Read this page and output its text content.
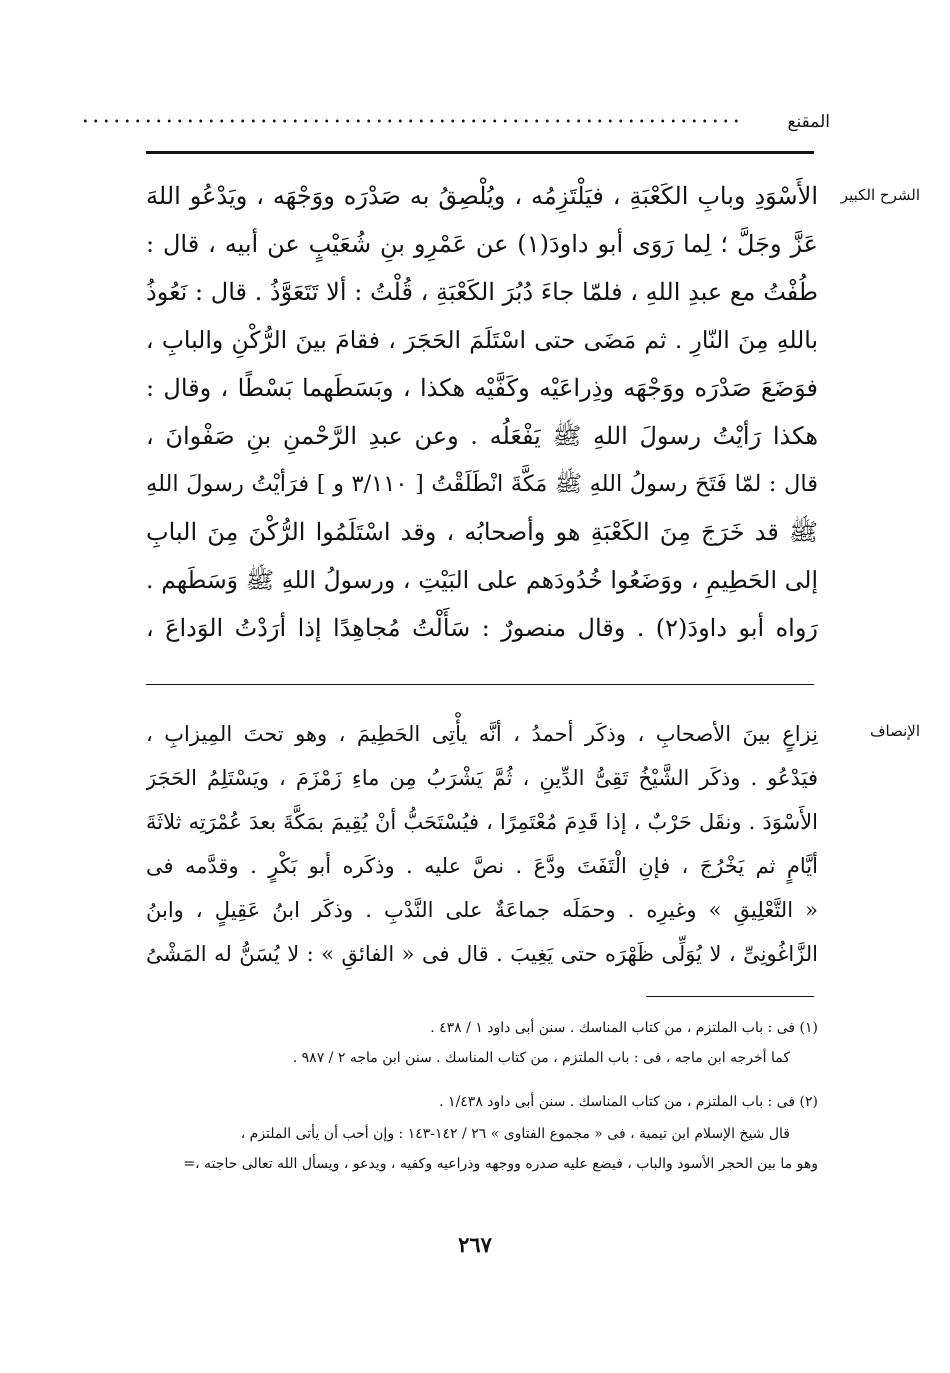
المقنع
الشرح الكبير
الأَسْوَدِ وبابِ الكَعْبَةِ ، فيَلْتَزِمُه ، ويُلْصِقُ به صَدْرَه ووَجْهَه ، ويَدْعُو اللهَ
عَزَّ وجَلَّ ؛ لِما رَوَى أبو داودَ(١) عن عَمْرِو بنِ شُعَيْبٍ عن أبيه ، قال :
طُفْتُ مع عبدِ اللهِ ، فلمّا جاءَ دُبُرَ الكَعْبَةِ ، قُلْتُ : ألا تَتَعَوَّذُ . قال : نَعُوذُ
باللهِ مِنَ النّارِ . ثم مَضَى حتى اسْتَلَمَ الحَجَرَ ، فقامَ بينَ الرُّكْنِ والبابِ ،
فوَضَعَ صَدْرَه ووَجْهَه وذِراعَيْه وكَفَّيْه هكذا ، وبَسَطَهما بَسْطًا ، وقال :
هكذا رَأيْتُ رسولَ اللهِ ﷺ يَفْعَلُه . وعن عبدِ الرَّحْمنِ بنِ صَفْوانَ ،
قال : لمّا فَتَحَ رسولُ اللهِ ﷺ مَكَّةَ انْطَلَقْتُ [ ٣/١١٠ و ] فرَأيْتُ رسولَ اللهِ
ﷺ قد خَرَجَ مِنَ الكَعْبَةِ هو وأصحابُه ، وقد اسْتَلَمُوا الرُّكْنَ مِنَ البابِ
إلى الحَطِيمِ ، ووَضَعُوا خُدُودَهم على البَيْتِ ، ورسولُ اللهِ ﷺ وَسَطَهم .
رَواه أبو داودَ(٢) . وقال منصورٌ : سَأَلْتُ مُجاهِدًا إذا أرَدْتُ الوَداعَ ،
الإنصاف
نِزاعٍ بينَ الأصحابِ ، وذكَر أحمدُ ، أنَّه يأْتِى الحَطِيمَ ، وهو تحتَ المِيزابِ ،
فيَدْعُو . وذكَر الشَّيْخُ تَقِىُّ الدِّينِ ، ثُمَّ يَشْرَبُ مِن ماءِ زَمْزَمَ ، ويَسْتَلِمُ الحَجَرَ
الأَسْوَدَ . ونقَل حَرْبٌ ، إذا قَدِمَ مُعْتَمِرًا ، فيُسْتَحَبُّ أنْ يُقِيمَ بمَكَّةَ بعدَ عُمْرَتِه ثلاثَةَ
أيَّامٍ ثم يَخْرُجَ ، فإنِ الْتَفَتَ ودَّعَ . نصَّ عليه . وذكَره أبو بَكْرٍ . وقدَّمه فى
« التَّعْلِيقِ » وغيرِه . وحمَلَه جماعَةٌ على النَّدْبِ . وذكَر ابنُ عَقِيلٍ ، وابنُ
الزَّاغُونِىِّ ، لا يُوَلِّى ظَهْرَه حتى يَغِيبَ . قال فى « الفائقِ » : لا يُسَنُّ له المَشْىُ
(١) فى : باب الملتزم ، من كتاب المناسك . سنن أبى داود ١ / ٤٣٨ .
كما أخرجه ابن ماجه ، فى : باب الملتزم ، من كتاب المناسك . سنن ابن ماجه ٢ / ٩٨٧ .
(٢) فى : باب الملتزم ، من كتاب المناسك . سنن أبى داود ١/٤٣٨ .
قال شيخ الإسلام ابن تيمية ، فى « مجموع الفتاوى » ٢٦ / ١٤٢-١٤٣ : وإن أحب أن يأتى الملتزم ،
وهو ما بين الحجر الأسود والباب ، فيضع عليه صدره ووجهه وذراعيه وكفيه ، ويدعو ، ويسأل الله تعالى حاجته ،=
٢٦٧
